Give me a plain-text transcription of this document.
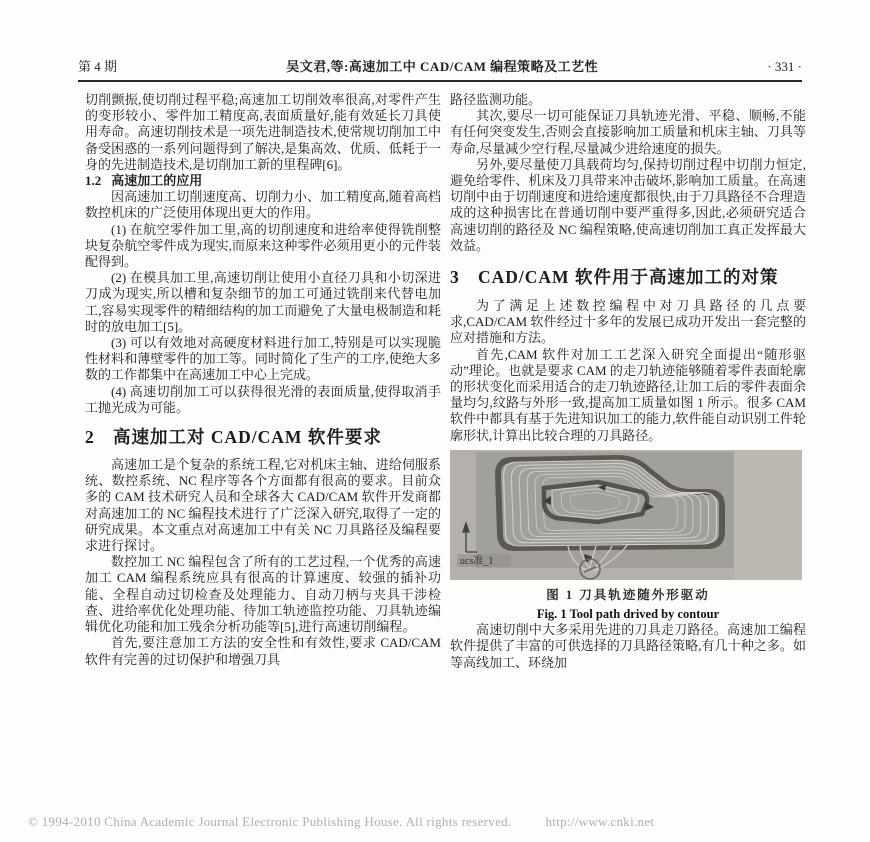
第 4 期	吴文君,等:高速加工中 CAD/CAM 编程策略及工艺性	· 331 ·

切削颤振,使切削过程平稳;高速加工切削效率很高,对零件产生的变形较小、零件加工精度高,表面质量好,能有效延长刀具使用寿命。高速切削技术是一项先进制造技术,使常规切削加工中备受困惑的一系列问题得到了解决,是集高效、优质、低耗于一身的先进制造技术,是切削加工新的里程碑[6]。

1.2 高速加工的应用

因高速加工切削速度高、切削力小、加工精度高,随着高档数控机床的广泛使用体现出更大的作用。

(1) 在航空零件加工里,高的切削速度和进给率使得铣削整块复杂航空零件成为现实,而原来这种零件必须用更小的元件装配得到。

(2) 在模具加工里,高速切削让使用小直径刀具和小切深进刀成为现实,所以槽和复杂细节的加工可通过铣削来代替电加工,容易实现零件的精细结构的加工而避免了大量电极制造和耗时的放电加工[5]。

(3) 可以有效地对高硬度材料进行加工,特别是可以实现脆性材料和薄壁零件的加工等。同时简化了生产的工序,使绝大多数的工作都集中在高速加工中心上完成。

(4) 高速切削加工可以获得很光滑的表面质量,使得取消手工抛光成为可能。

2 高速加工对 CAD/CAM 软件要求

高速加工是个复杂的系统工程,它对机床主轴、进给伺服系统、数控系统、NC 程序等各个方面都有很高的要求。目前众多的 CAM 技术研究人员和全球各大 CAD/CAM 软件开发商都对高速加工的 NC 编程技术进行了广泛深入研究,取得了一定的研究成果。本文重点对高速加工中有关 NC 刀具路径及编程要求进行探讨。

数控加工 NC 编程包含了所有的工艺过程,一个优秀的高速加工 CAM 编程系统应具有很高的计算速度、较强的插补功能、全程自动过切检查及处理能力、自动刀柄与夹具干涉检查、进给率优化处理功能、待加工轨迹监控功能、刀具轨迹编辑优化功能和加工残余分析功能等[5],进行高速切削编程。

首先,要注意加工方法的安全性和有效性,要求 CAD/CAM 软件有完善的过切保护和增强刀具

路径监测功能。

其次,要尽一切可能保证刀具轨迹光滑、平稳、顺畅,不能有任何突变发生,否则会直接影响加工质量和机床主轴、刀具等寿命,尽量减少空行程,尽量减少进给速度的损失。

另外,要尽量使刀具载荷均匀,保持切削过程中切削力恒定,避免给零件、机床及刀具带来冲击破坏,影响加工质量。在高速切削中由于切削速度和进给速度都很快,由于刀具路径不合理造成的这种损害比在普通切削中要严重得多,因此,必须研究适合高速切削的路径及 NC 编程策略,使高速切削加工真正发挥最大效益。

3 CAD/CAM 软件用于高速加工的对策

为了满足上述数控编程中对刀具路径的几点要求,CAD/CAM 软件经过十多年的发展已成功开发出一套完整的应对措施和方法。

首先,CAM 软件对加工工艺深入研究全面提出“随形驱动”理论。也就是要求 CAM 的走刀轨迹能够随着零件表面轮廓的形状变化而采用适合的走刀轨迹路径,让加工后的零件表面余量均匀,纹路与外形一致,提高加工质量如图 1 所示。很多 CAM 软件中都具有基于先进知识加工的能力,软件能自动识别工件轮廓形状,计算出比较合理的刀具路径。

ucs准_1
图 1 刀具轨迹随外形驱动
Fig. 1 Tool path drived by contour

高速切削中大多采用先进的刀具走刀路径。高速加工编程软件提供了丰富的可供选择的刀具路径策略,有几十种之多。如等高线加工、环绕加

© 1994-2010 China Academic Journal Electronic Publishing House. All rights reserved.	http://www.cnki.net
